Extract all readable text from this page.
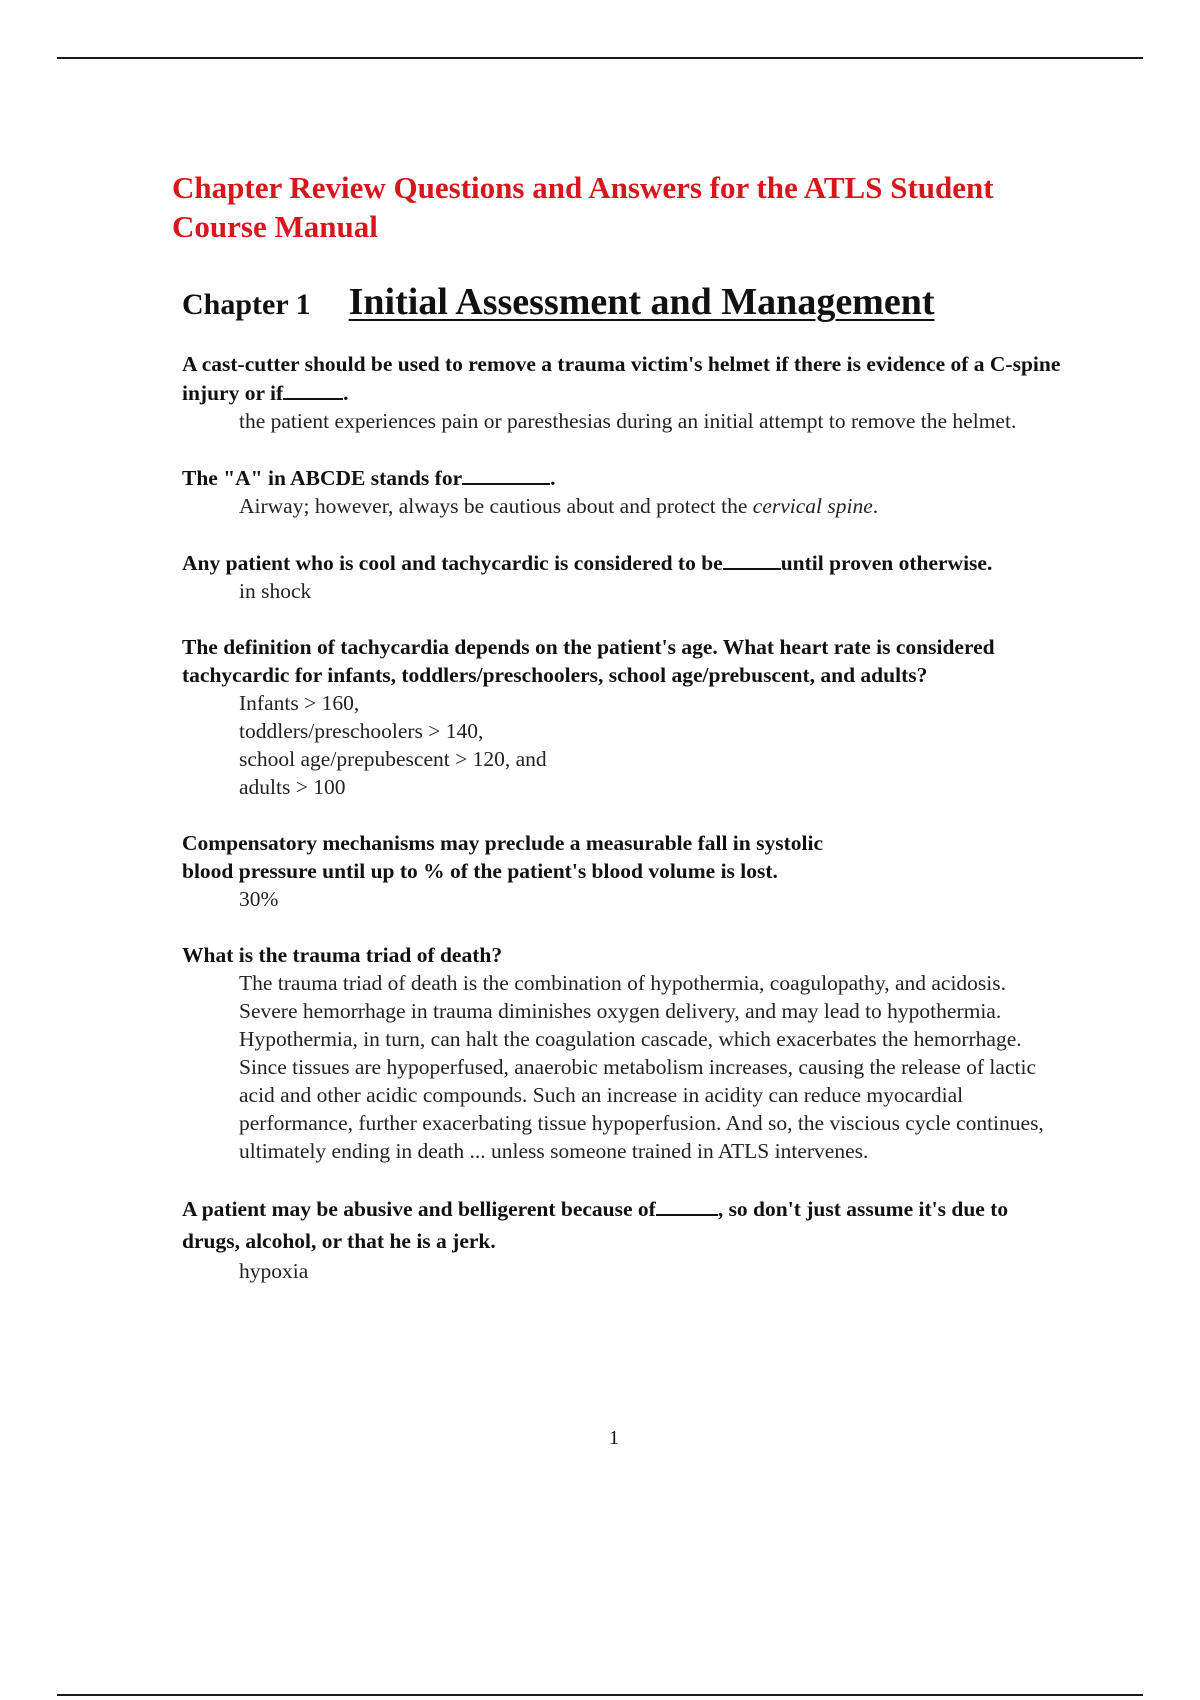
Chapter Review Questions and Answers for the ATLS Student Course Manual
Chapter 1 Initial Assessment and Management

A cast-cutter should be used to remove a trauma victim's helmet if there is evidence of a C-spine injury or if	.

the patient experiences pain or paresthesias during an initial attempt to remove the helmet.

The "A" in ABCDE stands for	.

Airway; however, always be cautious about and protect the cervical spine.

Any patient who is cool and tachycardic is considered to be	until proven otherwise.

in shock

The definition of tachycardia depends on the patient's age. What heart rate is considered tachycardic for infants, toddlers/preschoolers, school age/prebuscent, and adults?

Infants > 160,
toddlers/preschoolers > 140,
school age/prepubescent > 120, and
adults > 100

Compensatory mechanisms may preclude a measurable fall in systolic
blood pressure until up to % of the patient's blood volume is lost.

30%

What is the trauma triad of death?

The trauma triad of death is the combination of hypothermia, coagulopathy, and acidosis. Severe hemorrhage in trauma diminishes oxygen delivery, and may lead to hypothermia. Hypothermia, in turn, can halt the coagulation cascade, which exacerbates the hemorrhage. Since tissues are hypoperfused, anaerobic metabolism increases, causing the release of lactic acid and other acidic compounds. Such an increase in acidity can reduce myocardial performance, further exacerbating tissue hypoperfusion. And so, the viscious cycle continues, ultimately ending in death ... unless someone trained in ATLS intervenes.

A patient may be abusive and belligerent because of	, so don't just assume it's due to drugs, alcohol, or that he is a jerk.

hypoxia

1
